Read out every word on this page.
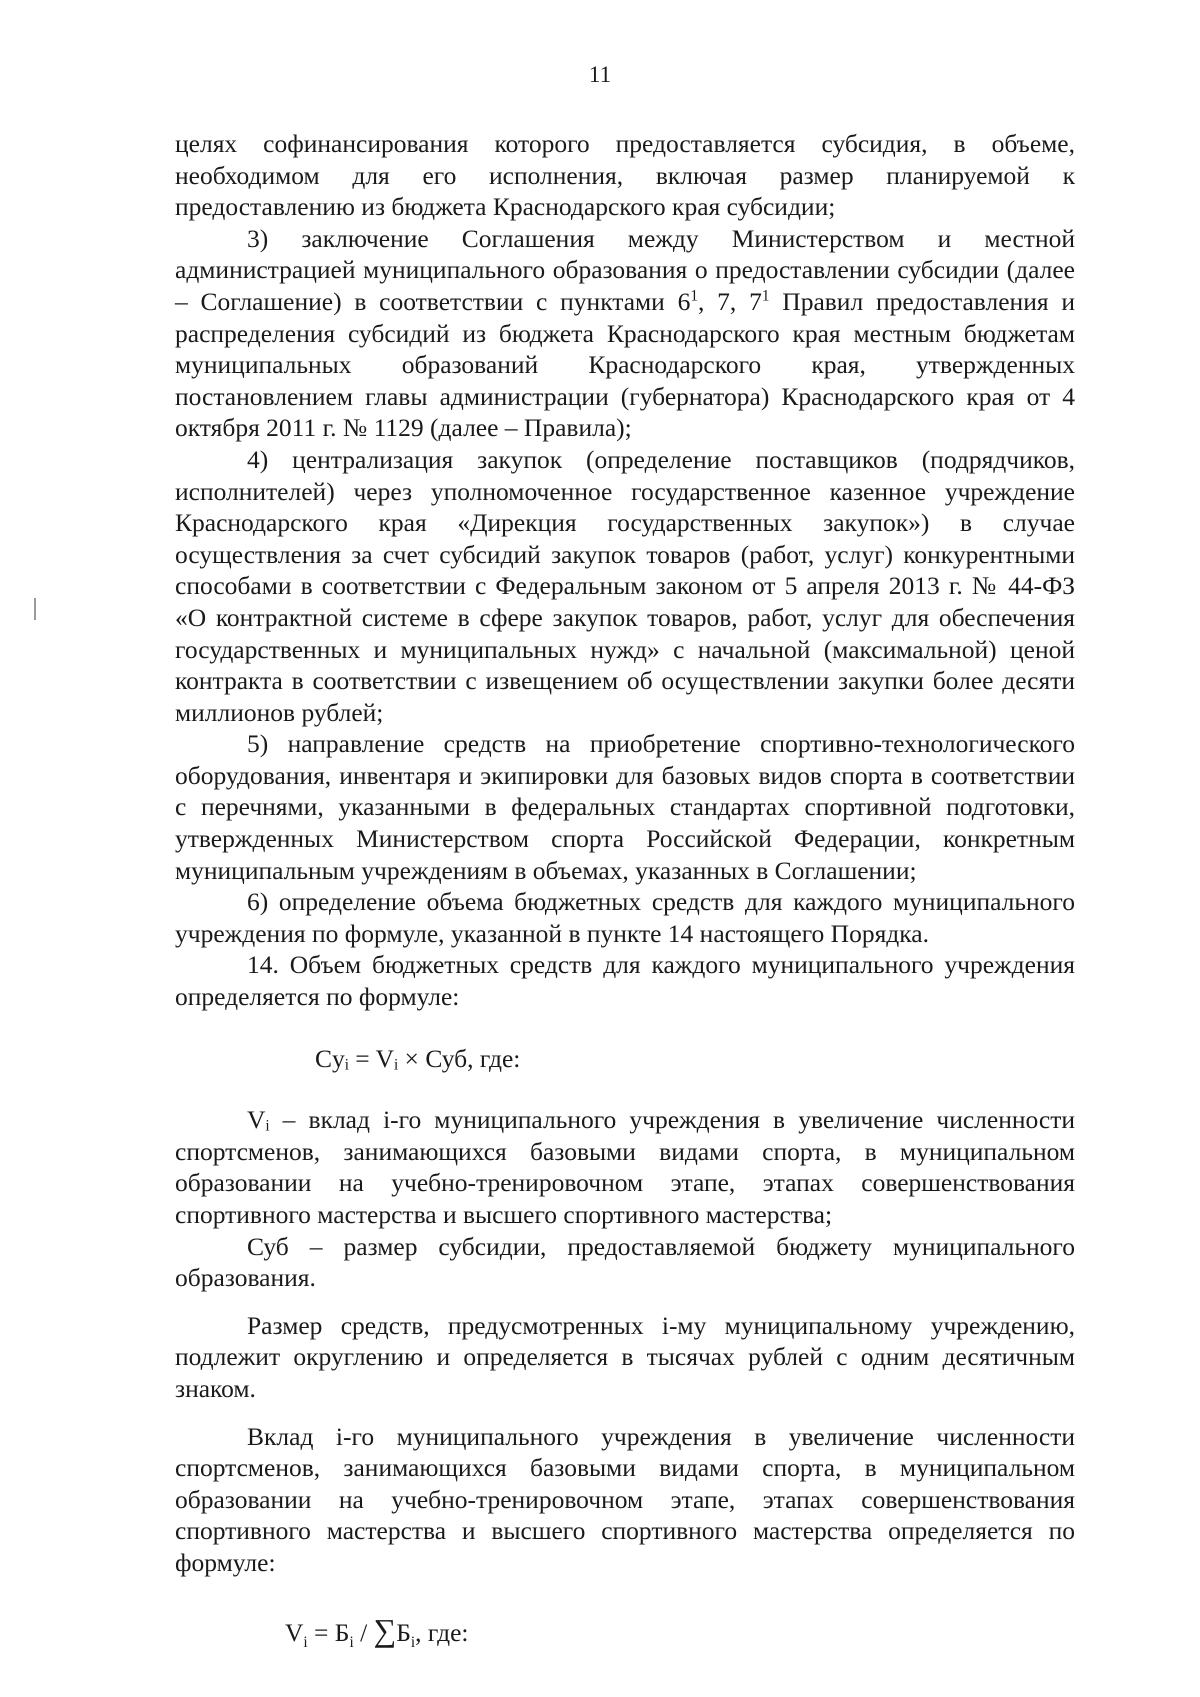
11

целях софинансирования которого предоставляется субсидия, в объеме, необходимом для его исполнения, включая размер планируемой к предоставлению из бюджета Краснодарского края субсидии;

3) заключение Соглашения между Министерством и местной администрацией муниципального образования о предоставлении субсидии (далее – Соглашение) в соответствии с пунктами $6^1$, 7, $7^1$ Правил предоставления и распределения субсидий из бюджета Краснодарского края местным бюджетам муниципальных образований Краснодарского края, утвержденных постановлением главы администрации (губернатора) Краснодарского края от 4 октября 2011 г. № 1129 (далее – Правила);

4) централизация закупок (определение поставщиков (подрядчиков, исполнителей) через уполномоченное государственное казенное учреждение Краснодарского края «Дирекция государственных закупок») в случае осуществления за счет субсидий закупок товаров (работ, услуг) конкурентными способами в соответствии с Федеральным законом от 5 апреля 2013 г. № 44-ФЗ «О контрактной системе в сфере закупок товаров, работ, услуг для обеспечения государственных и муниципальных нужд» с начальной (максимальной) ценой контракта в соответствии с извещением об осуществлении закупки более десяти миллионов рублей;

5) направление средств на приобретение спортивно-технологического оборудования, инвентаря и экипировки для базовых видов спорта в соответствии с перечнями, указанными в федеральных стандартах спортивной подготовки, утвержденных Министерством спорта Российской Федерации, конкретным муниципальным учреждениям в объемах, указанных в Соглашении;

6) определение объема бюджетных средств для каждого муниципального учреждения по формуле, указанной в пункте 14 настоящего Порядка.

14. Объем бюджетных средств для каждого муниципального учреждения определяется по формуле:

Cyᵢ = Vᵢ × Суб, где:

Vᵢ – вклад i-го муниципального учреждения в увеличение численности спортсменов, занимающихся базовыми видами спорта, в муниципальном образовании на учебно-тренировочном этапе, этапах совершенствования спортивного мастерства и высшего спортивного мастерства;

Суб – размер субсидии, предоставляемой бюджету муниципального образования.

Размер средств, предусмотренных i-му муниципальному учреждению, подлежит округлению и определяется в тысячах рублей с одним десятичным знаком.

Вклад i-го муниципального учреждения в увеличение численности спортсменов, занимающихся базовыми видами спорта, в муниципальном образовании на учебно-тренировочном этапе, этапах совершенствования спортивного мастерства и высшего спортивного мастерства определяется по формуле:

$V_i = Б_i / \sum Б_i$, где:
